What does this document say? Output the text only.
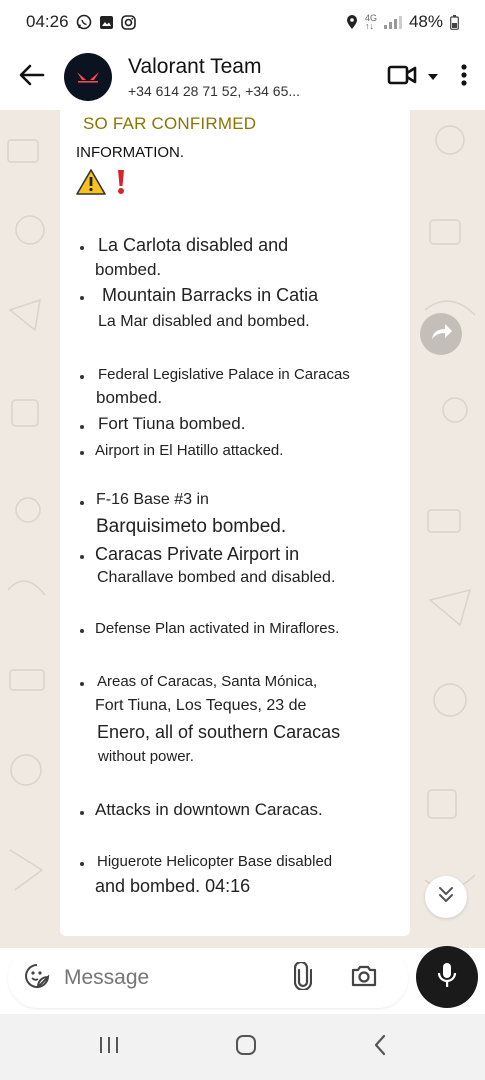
04:26	4G
↑↓ 48%
Valorant Team
+34 614 28 71 52, +34 65...
SO FAR CONFIRMED
INFORMATION.
La Carlota disabled and
bombed.
Mountain Barracks in Catia
La Mar disabled and bombed.
Federal Legislative Palace in Caracas
bombed.
Fort Tiuna bombed.
Airport in El Hatillo attacked.
F-16 Base #3 in
Barquisimeto bombed.
Caracas Private Airport in
Charallave bombed and disabled.
Defense Plan activated in Miraflores.
Areas of Caracas, Santa Mónica,
Fort Tiuna, Los Teques, 23 de
Enero, all of southern Caracas
without power.
Attacks in downtown Caracas.
Higuerote Helicopter Base disabled
and bombed. 04:16
Message
